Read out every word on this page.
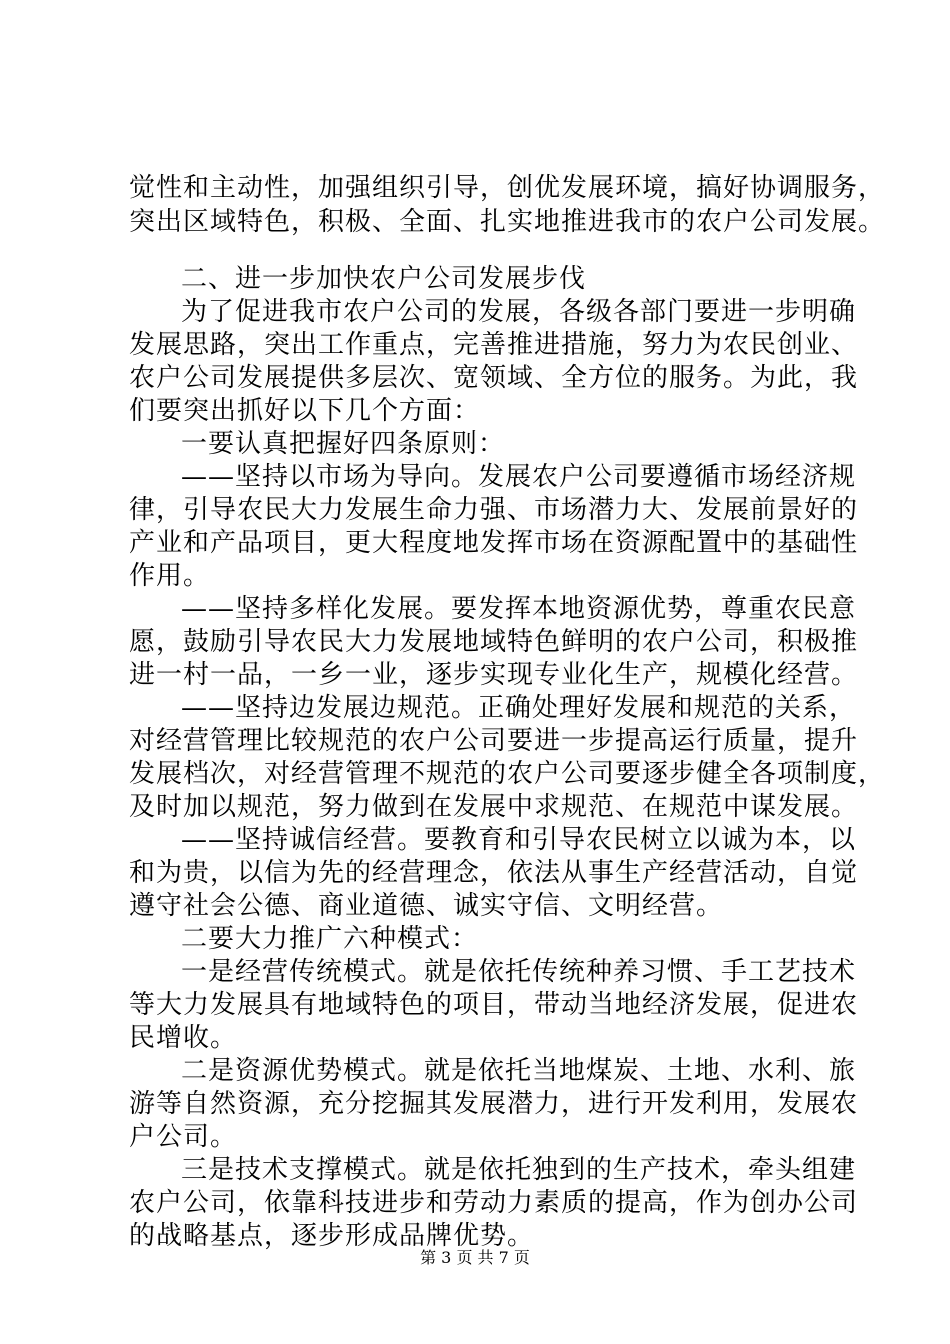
觉性和主动性，加强组织引导，创优发展环境，搞好协调服务，

突出区域特色，积极、全面、扎实地推进我市的农户公司发展。

二、进一步加快农户公司发展步伐

为了促进我市农户公司的发展，各级各部门要进一步明确

发展思路，突出工作重点，完善推进措施，努力为农民创业、

农户公司发展提供多层次、宽领域、全方位的服务。为此，我

们要突出抓好以下几个方面：

一要认真把握好四条原则：

——坚持以市场为导向。发展农户公司要遵循市场经济规

律，引导农民大力发展生命力强、市场潜力大、发展前景好的

产业和产品项目，更大程度地发挥市场在资源配置中的基础性

作用。

——坚持多样化发展。要发挥本地资源优势，尊重农民意

愿，鼓励引导农民大力发展地域特色鲜明的农户公司，积极推

进一村一品，一乡一业，逐步实现专业化生产，规模化经营。

——坚持边发展边规范。正确处理好发展和规范的关系，

对经营管理比较规范的农户公司要进一步提高运行质量，提升

发展档次，对经营管理不规范的农户公司要逐步健全各项制度，

及时加以规范，努力做到在发展中求规范、在规范中谋发展。

——坚持诚信经营。要教育和引导农民树立以诚为本，以

和为贵，以信为先的经营理念，依法从事生产经营活动，自觉

遵守社会公德、商业道德、诚实守信、文明经营。

二要大力推广六种模式：

一是经营传统模式。就是依托传统种养习惯、手工艺技术

等大力发展具有地域特色的项目，带动当地经济发展，促进农

民增收。

二是资源优势模式。就是依托当地煤炭、土地、水利、旅

游等自然资源，充分挖掘其发展潜力，进行开发利用，发展农

户公司。

三是技术支撑模式。就是依托独到的生产技术，牵头组建

农户公司，依靠科技进步和劳动力素质的提高，作为创办公司

的战略基点，逐步形成品牌优势。

第 3 页 共 7 页
